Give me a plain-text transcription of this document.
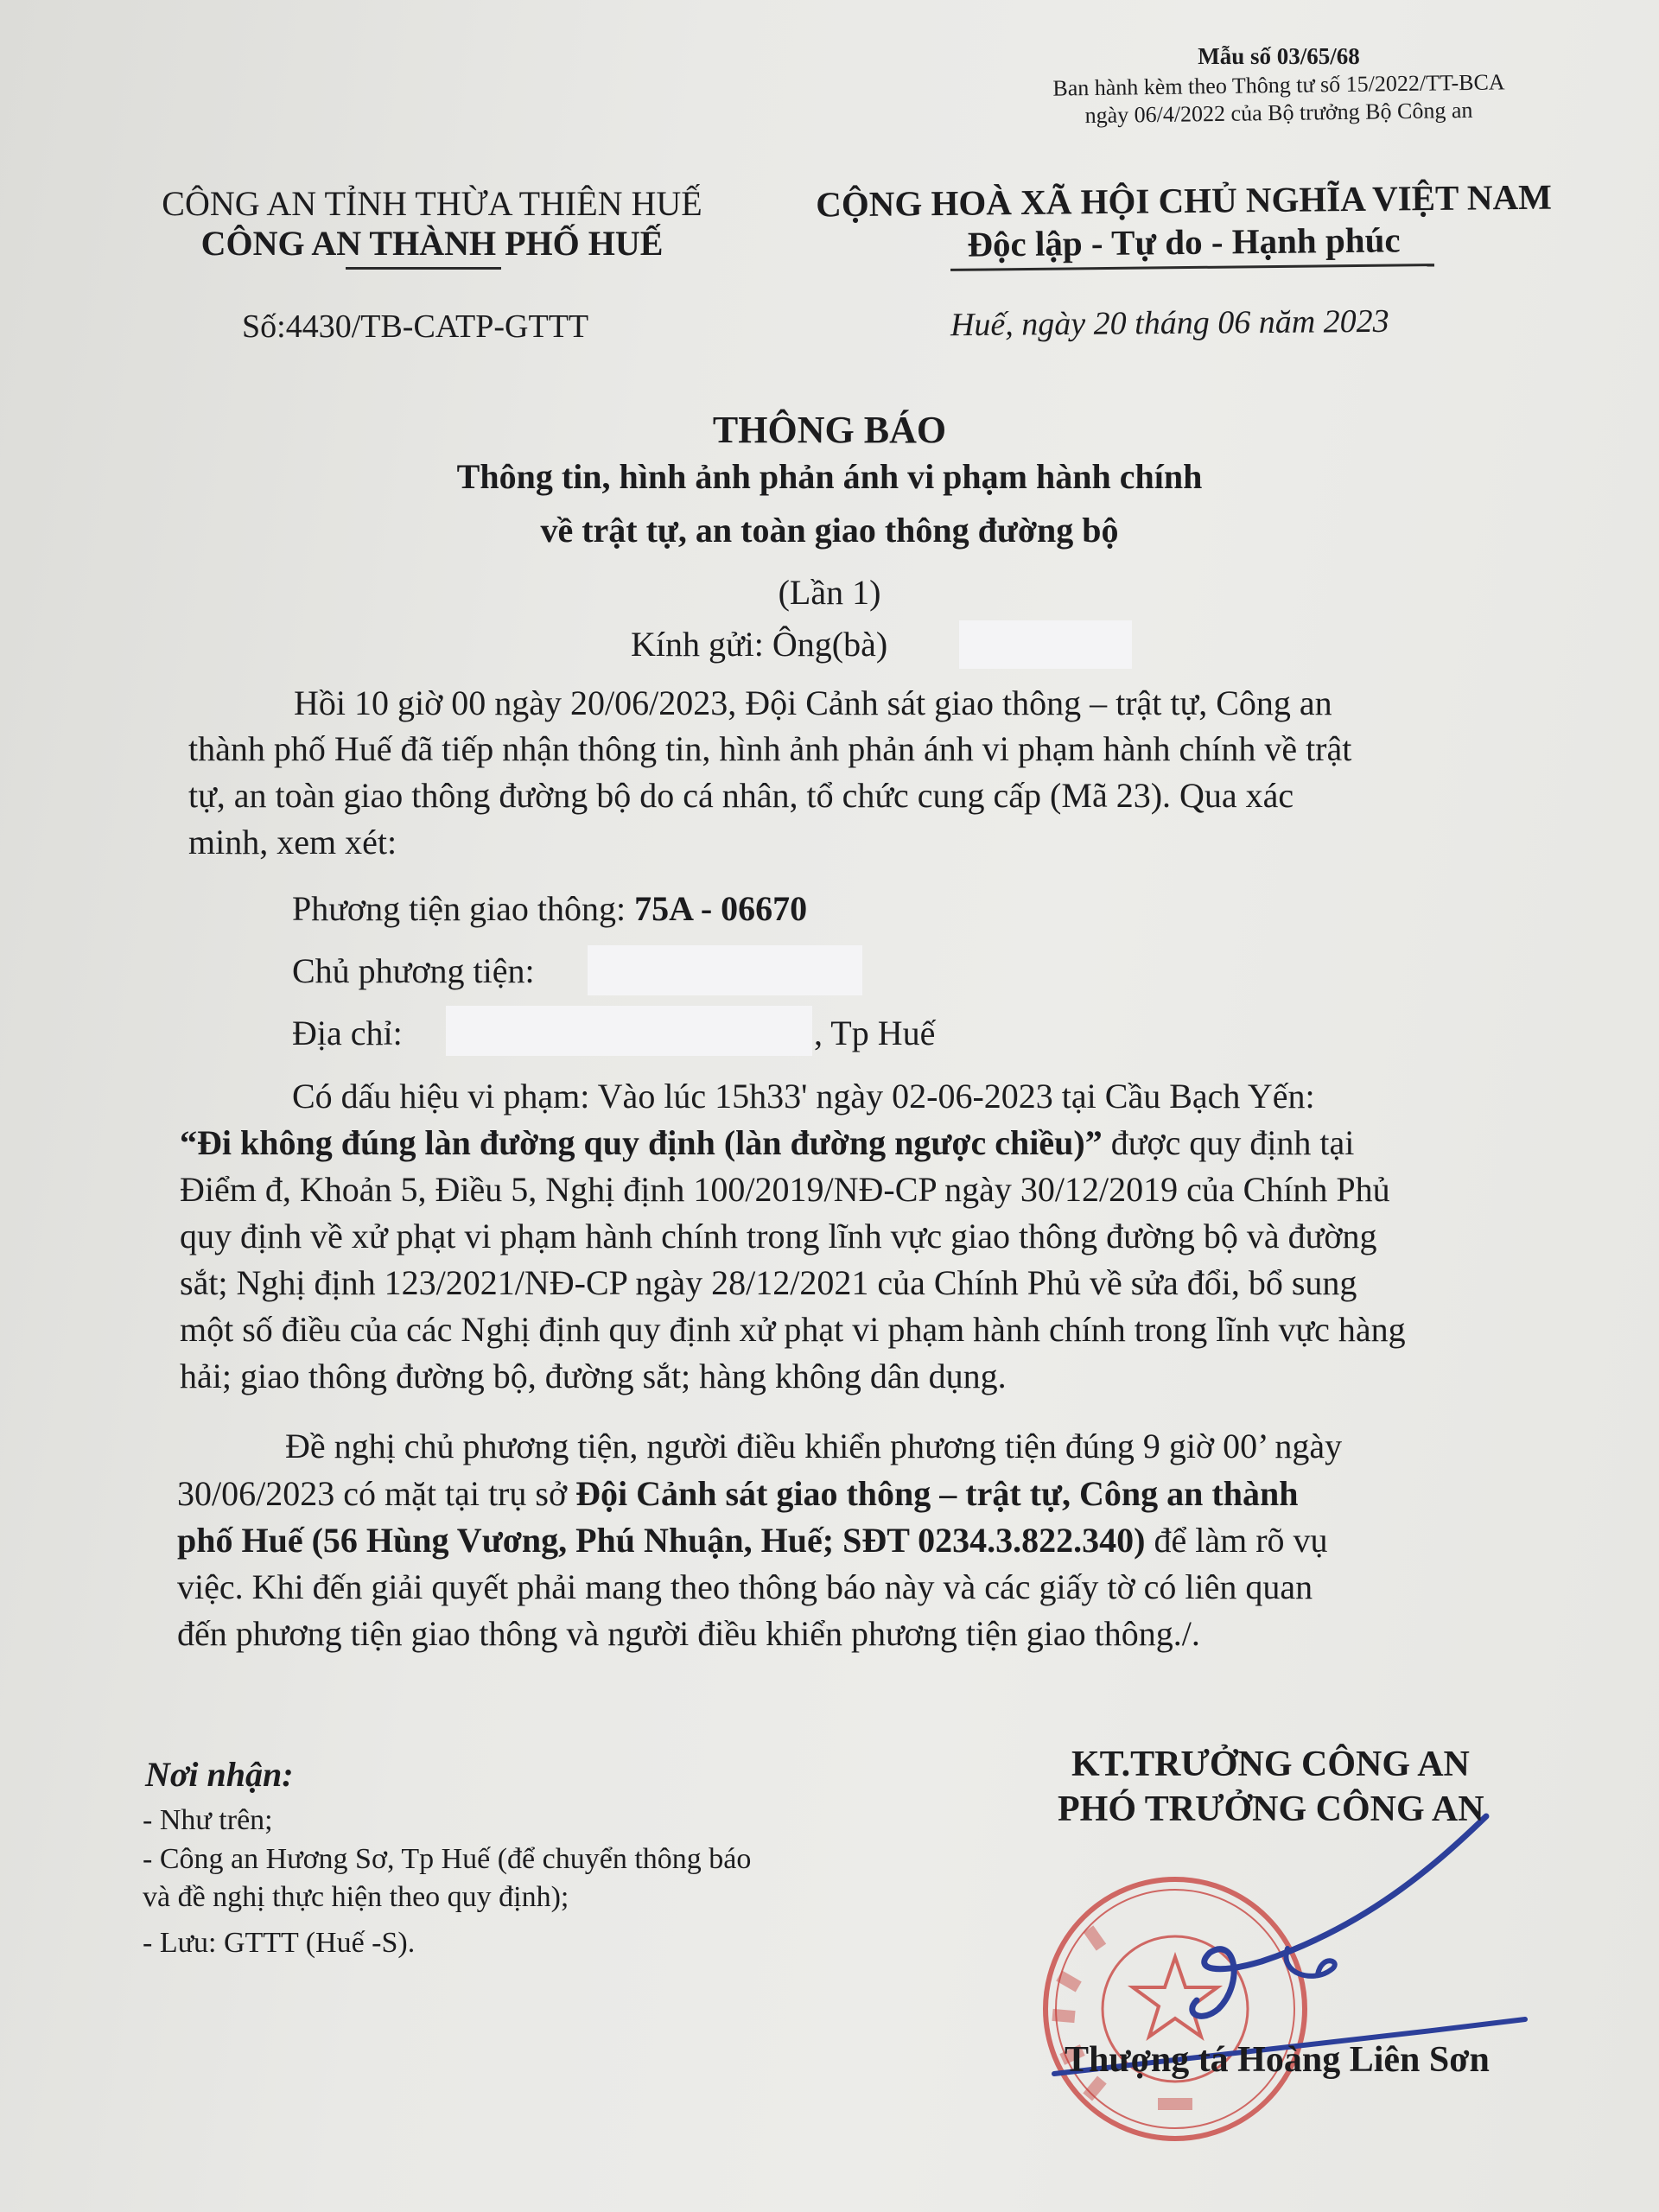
Mẫu số 03/65/68
Ban hành kèm theo Thông tư số 15/2022/TT-BCA
ngày 06/4/2022 của Bộ trưởng Bộ Công an
CÔNG AN TỈNH THỪA THIÊN HUẾ
CÔNG AN THÀNH PHỐ HUẾ
Số:4430/TB-CATP-GTTT
CỘNG HOÀ XÃ HỘI CHỦ NGHĨA VIỆT NAM
Độc lập - Tự do - Hạnh phúc
Huế, ngày 20 tháng 06 năm 2023
THÔNG BÁO
Thông tin, hình ảnh phản ánh vi phạm hành chính
về trật tự, an toàn giao thông đường bộ
(Lần 1)
Kính gửi: Ông(bà)
Hồi 10 giờ 00 ngày 20/06/2023, Đội Cảnh sát giao thông – trật tự, Công an
thành phố Huế đã tiếp nhận thông tin, hình ảnh phản ánh vi phạm hành chính về trật
tự, an toàn giao thông đường bộ do cá nhân, tổ chức cung cấp (Mã 23). Qua xác
minh, xem xét:
Phương tiện giao thông: 75A - 06670
Chủ phương tiện:
Địa chỉ:	, Tp Huế
Có dấu hiệu vi phạm: Vào lúc 15h33' ngày 02-06-2023 tại Cầu Bạch Yến:
“Đi không đúng làn đường quy định (làn đường ngược chiều)” được quy định tại
Điểm đ, Khoản 5, Điều 5, Nghị định 100/2019/NĐ-CP ngày 30/12/2019 của Chính Phủ
quy định về xử phạt vi phạm hành chính trong lĩnh vực giao thông đường bộ và đường
sắt; Nghị định 123/2021/NĐ-CP ngày 28/12/2021 của Chính Phủ về sửa đổi, bổ sung
một số điều của các Nghị định quy định xử phạt vi phạm hành chính trong lĩnh vực hàng
hải; giao thông đường bộ, đường sắt; hàng không dân dụng.
Đề nghị chủ phương tiện, người điều khiển phương tiện đúng 9 giờ 00’ ngày
30/06/2023 có mặt tại trụ sở Đội Cảnh sát giao thông – trật tự, Công an thành
phố Huế (56 Hùng Vương, Phú Nhuận, Huế; SĐT 0234.3.822.340) để làm rõ vụ
việc. Khi đến giải quyết phải mang theo thông báo này và các giấy tờ có liên quan
đến phương tiện giao thông và người điều khiển phương tiện giao thông./.
Nơi nhận:
- Như trên;
- Công an Hương Sơ, Tp Huế (để chuyển thông báo
và đề nghị thực hiện theo quy định);
- Lưu: GTTT (Huế -S).
KT.TRƯỞNG CÔNG AN
PHÓ TRƯỞNG CÔNG AN
Thượng tá Hoàng Liên Sơn
